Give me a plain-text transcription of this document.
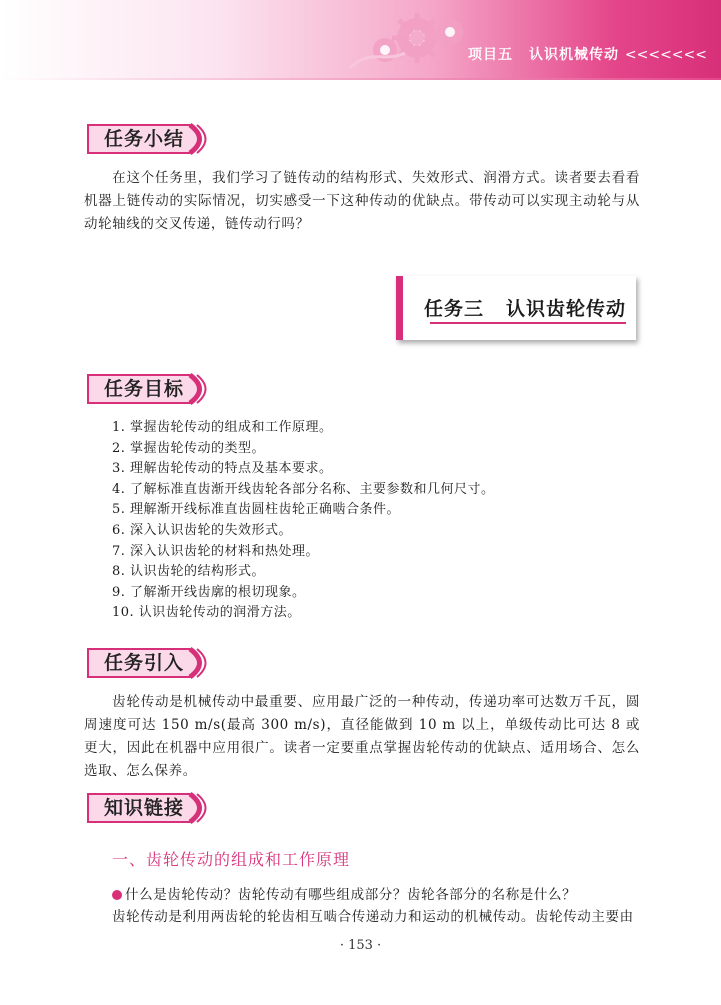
项目五 认识机械传动 <<<<<<<
任务小结

在这个任务里，我们学习了链传动的结构形式、失效形式、润滑方式。读者要去看看机器上链传动的实际情况，切实感受一下这种传动的优缺点。带传动可以实现主动轮与从动轮轴线的交叉传递，链传动行吗？

任务三 认识齿轮传动
任务目标
1. 掌握齿轮传动的组成和工作原理。
2. 掌握齿轮传动的类型。
3. 理解齿轮传动的特点及基本要求。
4. 了解标准直齿渐开线齿轮各部分名称、主要参数和几何尺寸。
5. 理解渐开线标准直齿圆柱齿轮正确啮合条件。
6. 深入认识齿轮的失效形式。
7. 深入认识齿轮的材料和热处理。
8. 认识齿轮的结构形式。
9. 了解渐开线齿廓的根切现象。
10. 认识齿轮传动的润滑方法。
任务引入

齿轮传动是机械传动中最重要、应用最广泛的一种传动，传递功率可达数万千瓦，圆周速度可达 150 m/s(最高 300 m/s)，直径能做到 10 m 以上，单级传动比可达 8 或更大，因此在机器中应用很广。读者一定要重点掌握齿轮传动的优缺点、适用场合、怎么选取、怎么保养。

知识链接
一、齿轮传动的组成和工作原理
什么是齿轮传动？齿轮传动有哪些组成部分？齿轮各部分的名称是什么？
齿轮传动是利用两齿轮的轮齿相互啮合传递动力和运动的机械传动。齿轮传动主要由
· 153 ·
